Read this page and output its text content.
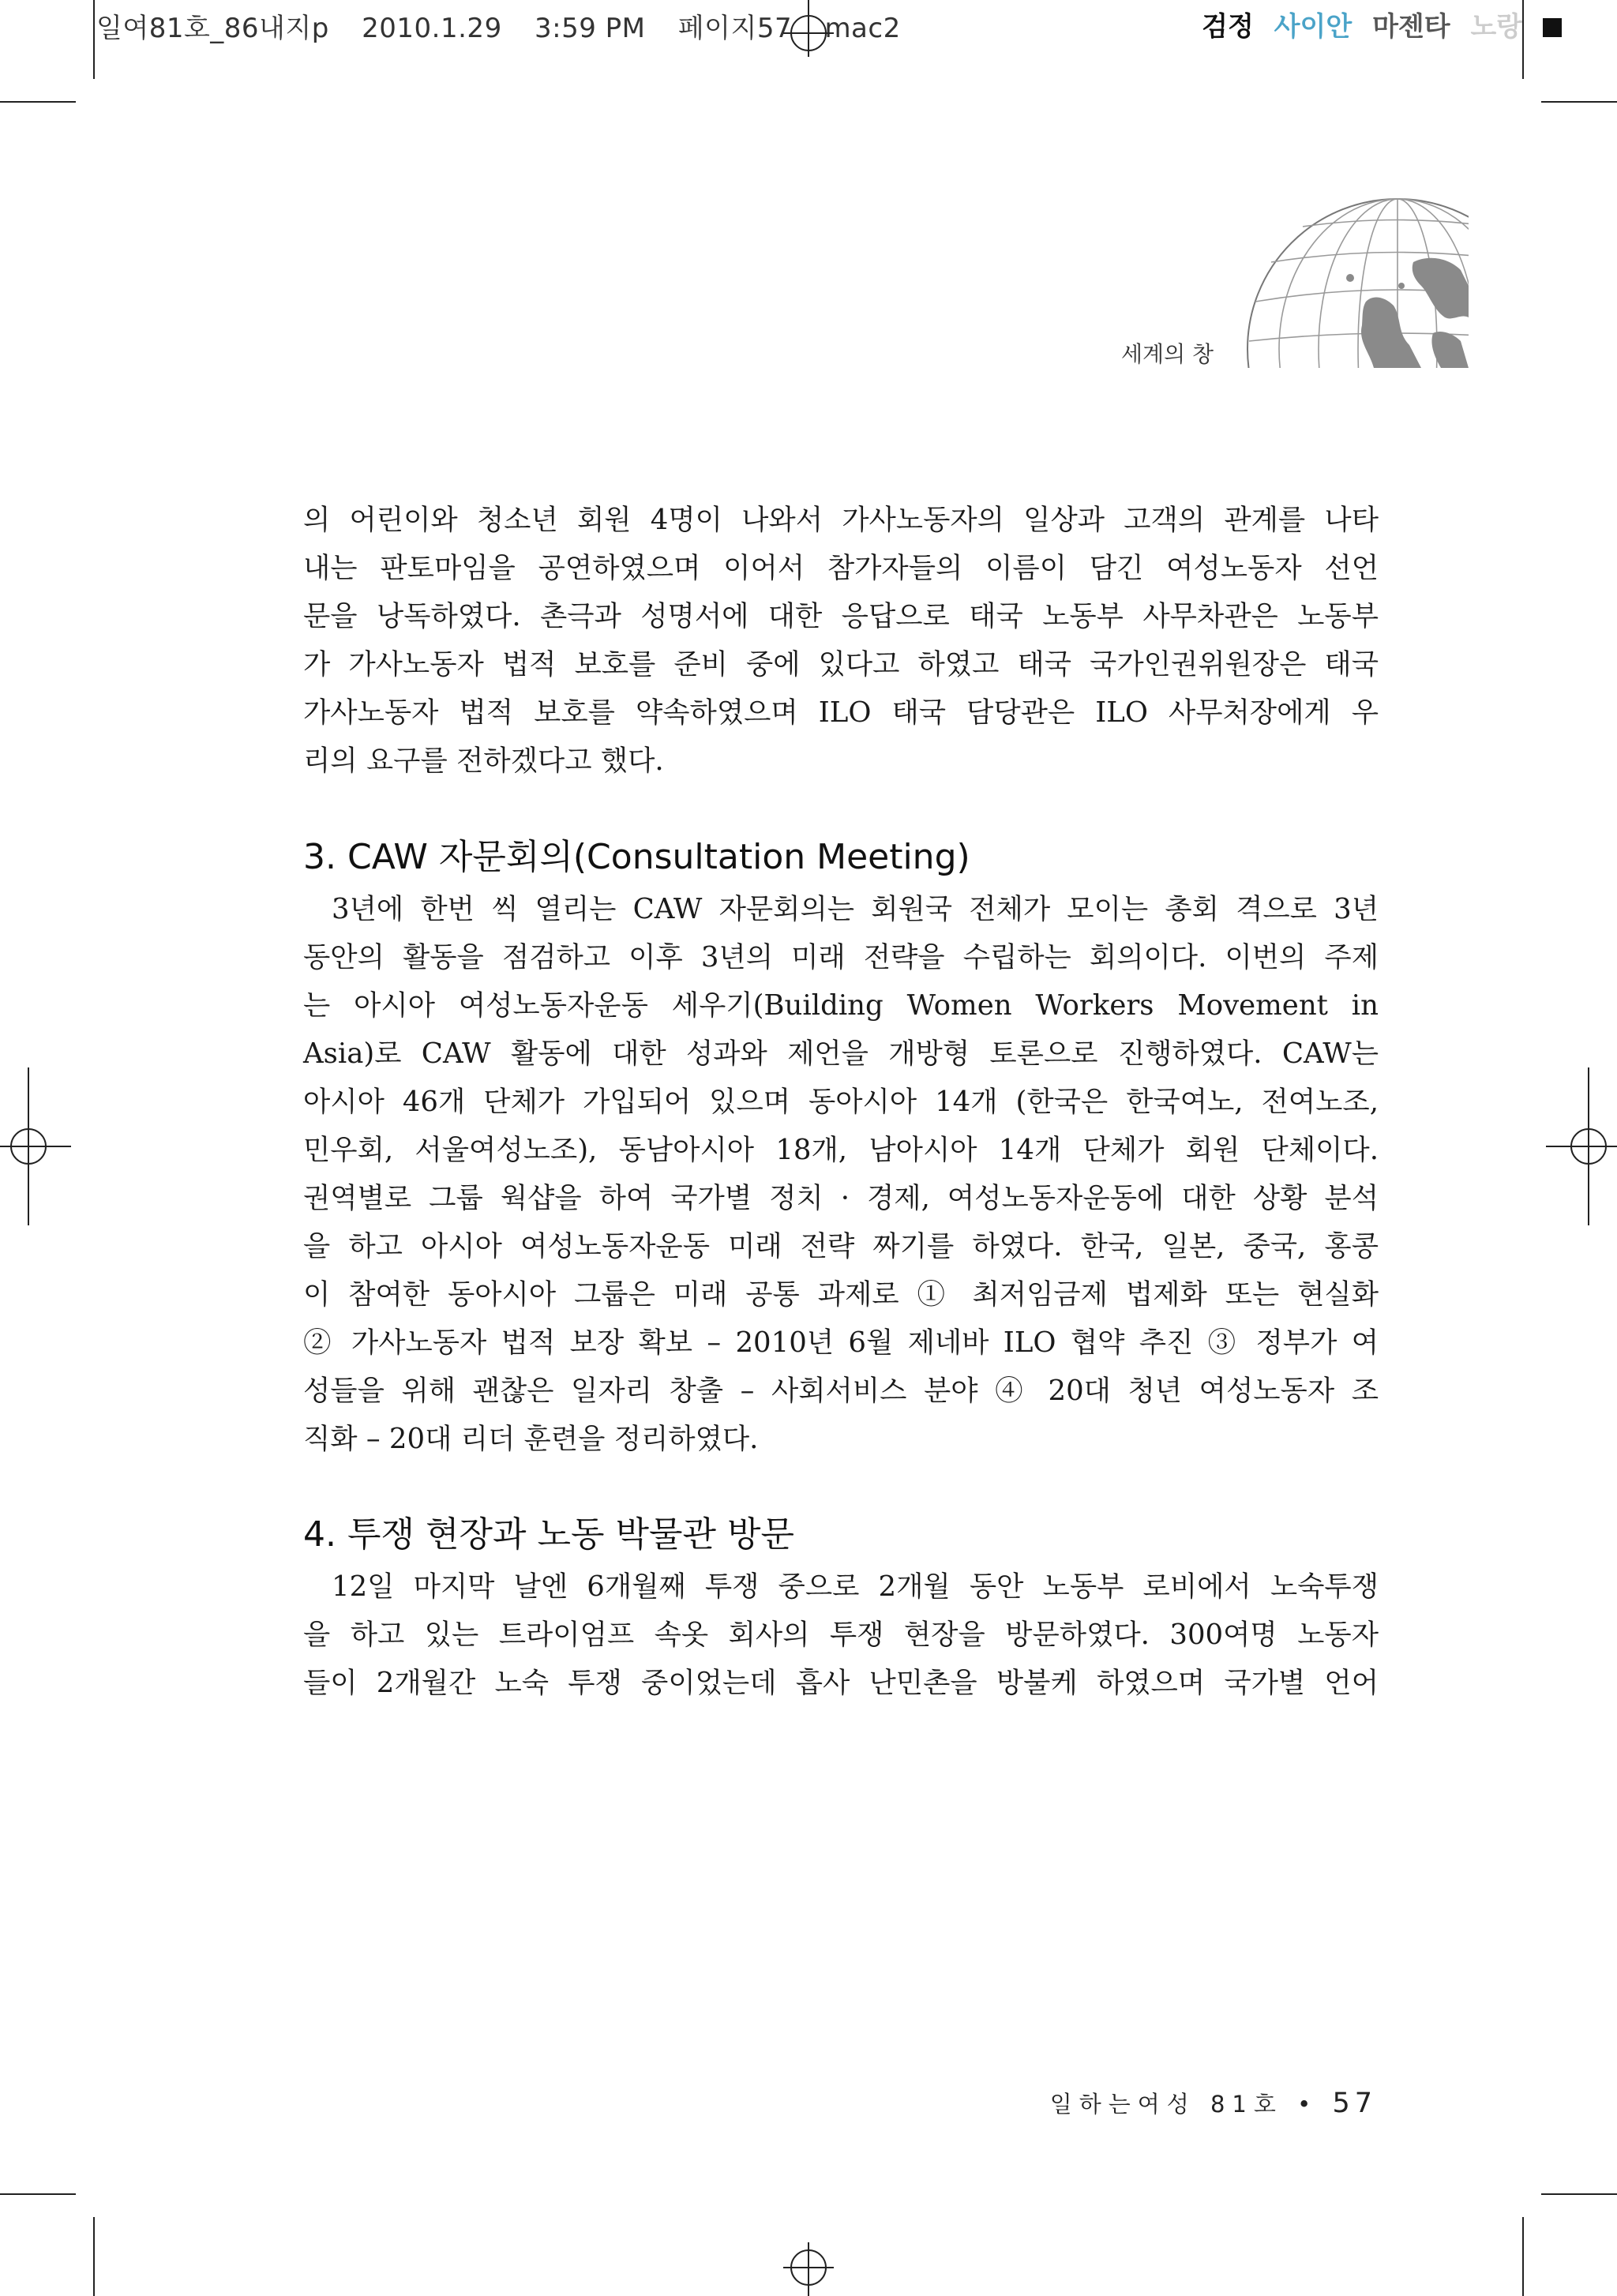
일여81호_86내지p 2010.1.29 3:59 PM 페이지57 mac2	검정 사이안 마젠타 노랑
세계의 창

의 어린이와 청소년 회원 4명이 나와서 가사노동자의 일상과 고객의 관계를 나타
내는 판토마임을 공연하였으며 이어서 참가자들의 이름이 담긴 여성노동자 선언
문을 낭독하였다. 촌극과 성명서에 대한 응답으로 태국 노동부 사무차관은 노동부
가 가사노동자 법적 보호를 준비 중에 있다고 하였고 태국 국가인권위원장은 태국
가사노동자 법적 보호를 약속하였으며 ILO 태국 담당관은 ILO 사무처장에게 우
리의 요구를 전하겠다고 했다.

3. CAW 자문회의(Consultation Meeting)

3년에 한번 씩 열리는 CAW 자문회의는 회원국 전체가 모이는 총회 격으로 3년
동안의 활동을 점검하고 이후 3년의 미래 전략을 수립하는 회의이다. 이번의 주제
는 아시아 여성노동자운동 세우기(Building Women Workers Movement in
Asia)로 CAW 활동에 대한 성과와 제언을 개방형 토론으로 진행하였다. CAW는
아시아 46개 단체가 가입되어 있으며 동아시아 14개 (한국은 한국여노, 전여노조,
민우회, 서울여성노조), 동남아시아 18개, 남아시아 14개 단체가 회원 단체이다.
권역별로 그룹 웍샵을 하여 국가별 정치 · 경제, 여성노동자운동에 대한 상황 분석
을 하고 아시아 여성노동자운동 미래 전략 짜기를 하였다. 한국, 일본, 중국, 홍콩
이 참여한 동아시아 그룹은 미래 공통 과제로 ① 최저임금제 법제화 또는 현실화
② 가사노동자 법적 보장 확보 – 2010년 6월 제네바 ILO 협약 추진 ③ 정부가 여
성들을 위해 괜찮은 일자리 창출 – 사회서비스 분야 ④ 20대 청년 여성노동자 조
직화 – 20대 리더 훈련을 정리하였다.

4. 투쟁 현장과 노동 박물관 방문

12일 마지막 날엔 6개월째 투쟁 중으로 2개월 동안 노동부 로비에서 노숙투쟁
을 하고 있는 트라이엄프 속옷 회사의 투쟁 현장을 방문하였다. 300여명 노동자
들이 2개월간 노숙 투쟁 중이었는데 흡사 난민촌을 방불케 하였으며 국가별 언어

일하는여성 81호 • 57
